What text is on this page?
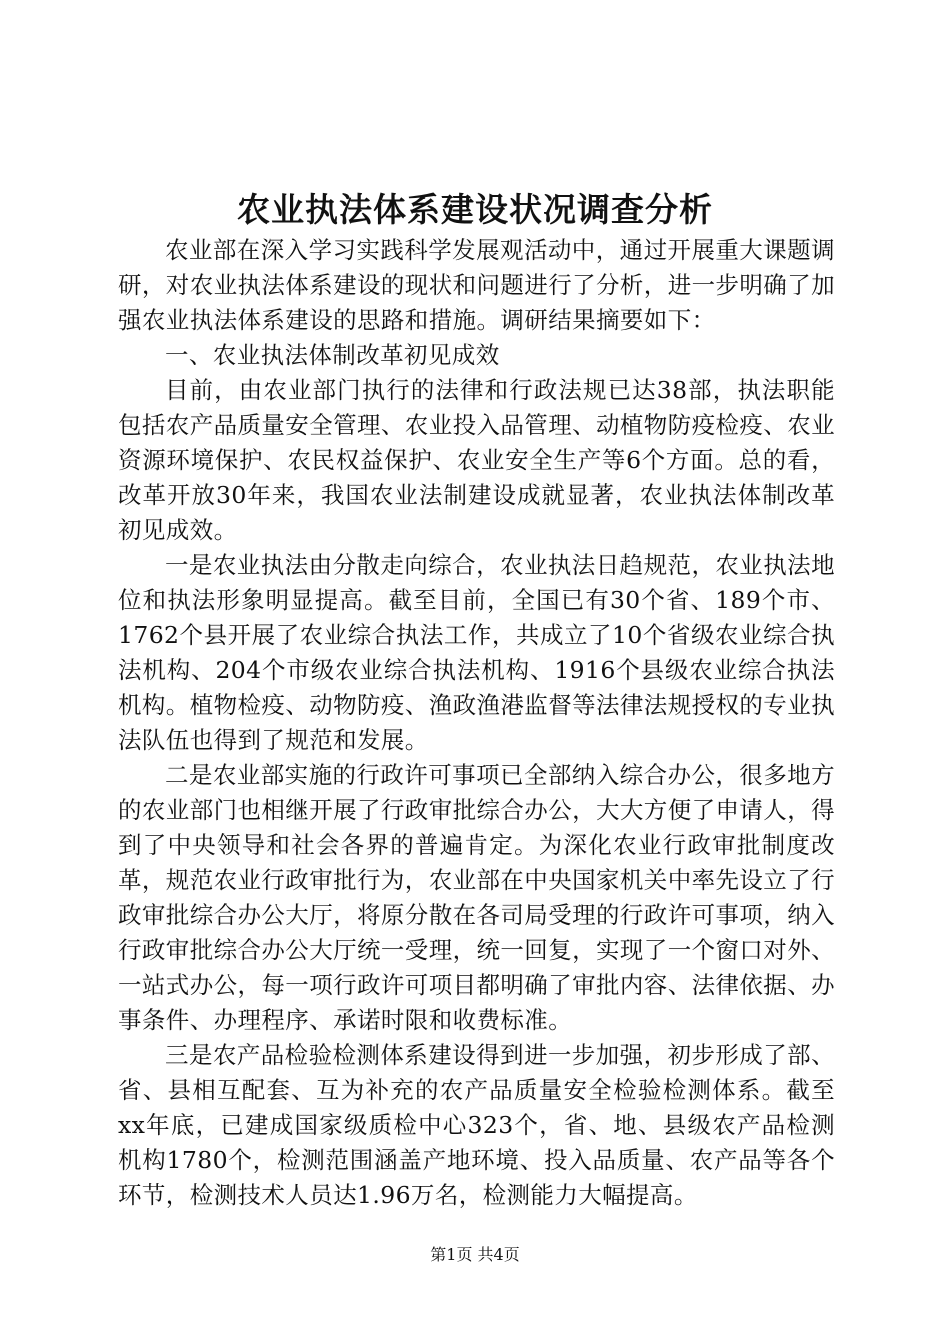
农业执法体系建设状况调查分析

农业部在深入学习实践科学发展观活动中，通过开展重大课题调研，对农业执法体系建设的现状和问题进行了分析，进一步明确了加强农业执法体系建设的思路和措施。调研结果摘要如下：

一、农业执法体制改革初见成效

目前，由农业部门执行的法律和行政法规已达38部，执法职能包括农产品质量安全管理、农业投入品管理、动植物防疫检疫、农业资源环境保护、农民权益保护、农业安全生产等6个方面。总的看，改革开放30年来，我国农业法制建设成就显著，农业执法体制改革初见成效。

一是农业执法由分散走向综合，农业执法日趋规范，农业执法地位和执法形象明显提高。截至目前，全国已有30个省、189个市、1762个县开展了农业综合执法工作，共成立了10个省级农业综合执法机构、204个市级农业综合执法机构、1916个县级农业综合执法机构。植物检疫、动物防疫、渔政渔港监督等法律法规授权的专业执法队伍也得到了规范和发展。

二是农业部实施的行政许可事项已全部纳入综合办公，很多地方的农业部门也相继开展了行政审批综合办公，大大方便了申请人，得到了中央领导和社会各界的普遍肯定。为深化农业行政审批制度改革，规范农业行政审批行为，农业部在中央国家机关中率先设立了行政审批综合办公大厅，将原分散在各司局受理的行政许可事项，纳入行政审批综合办公大厅统一受理，统一回复，实现了一个窗口对外、一站式办公，每一项行政许可项目都明确了审批内容、法律依据、办事条件、办理程序、承诺时限和收费标准。

三是农产品检验检测体系建设得到进一步加强，初步形成了部、省、县相互配套、互为补充的农产品质量安全检验检测体系。截至xx年底，已建成国家级质检中心323个，省、地、县级农产品检测机构1780个，检测范围涵盖产地环境、投入品质量、农产品等各个环节，检测技术人员达1.96万名，检测能力大幅提高。

第1页 共4页
